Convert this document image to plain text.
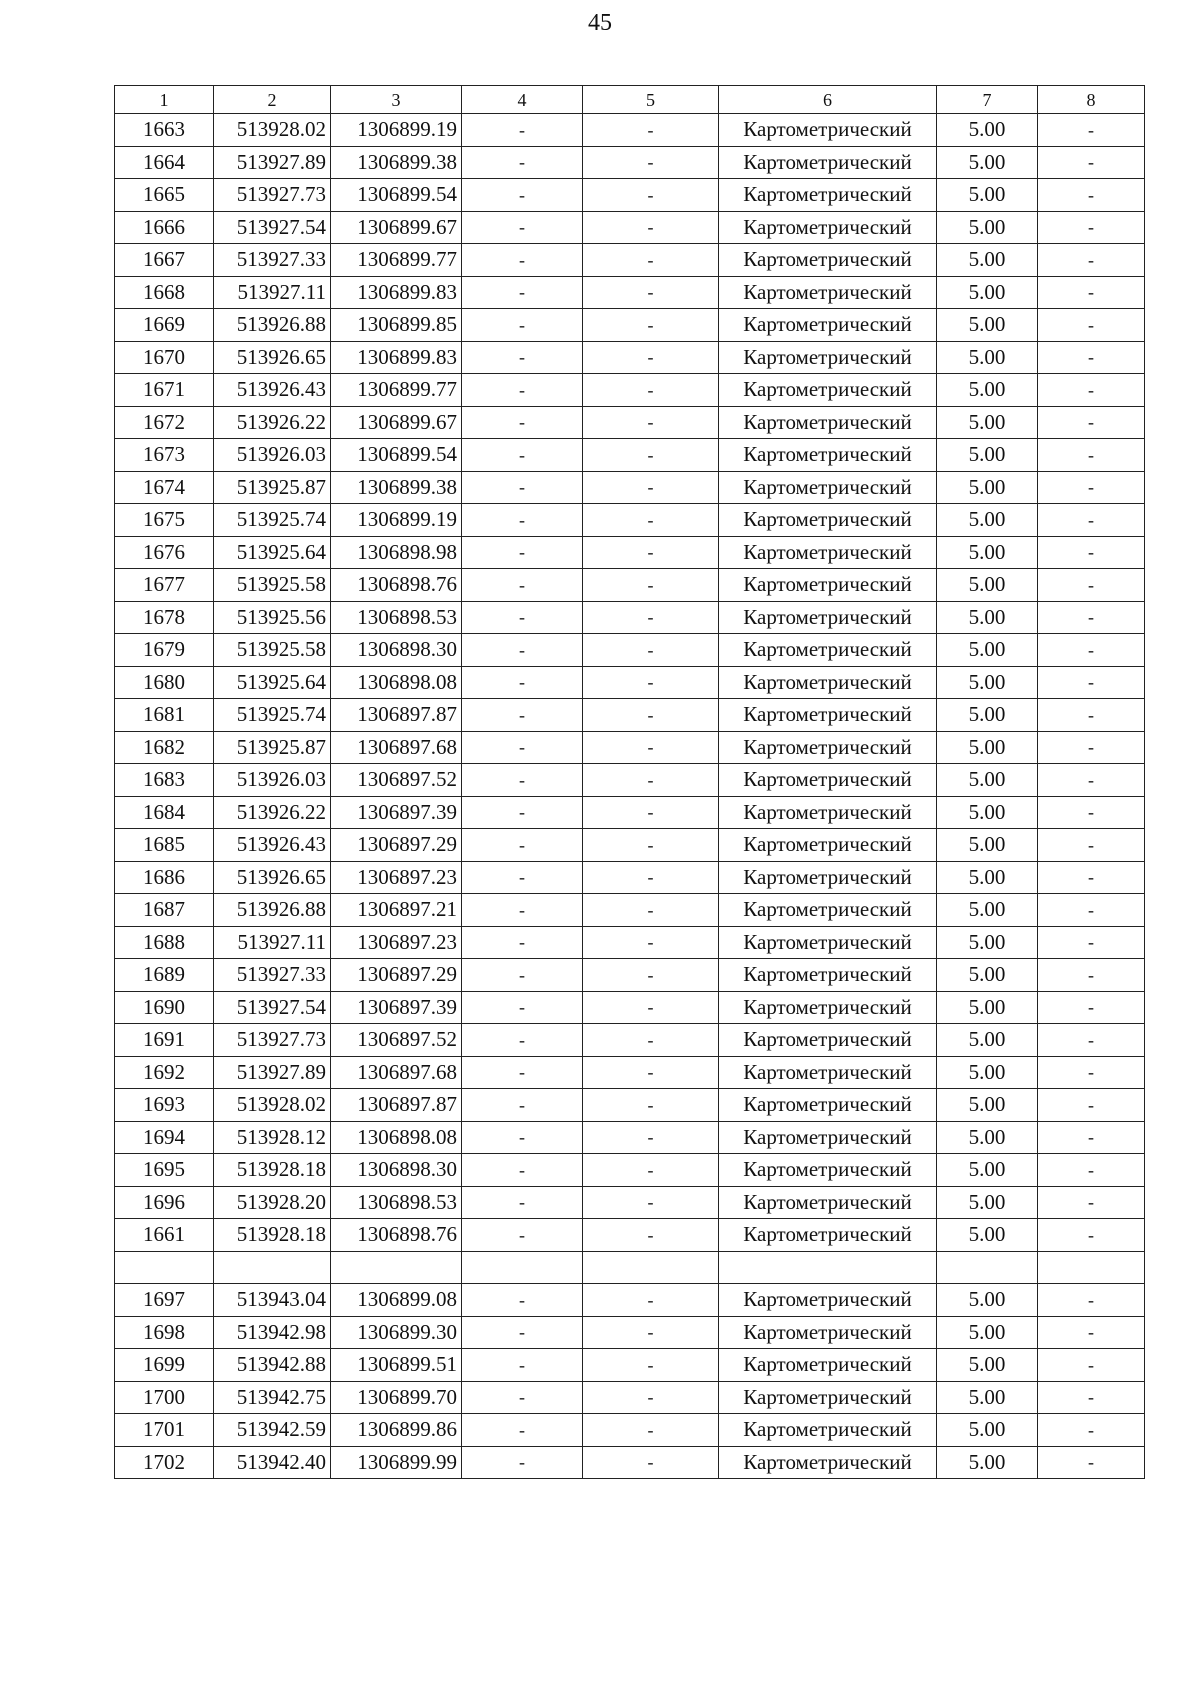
45
1	2	3	4	5	6	7	8
1663	513928.02	1306899.19	-	-	Картометрический	5.00	-
1664	513927.89	1306899.38	-	-	Картометрический	5.00	-
1665	513927.73	1306899.54	-	-	Картометрический	5.00	-
1666	513927.54	1306899.67	-	-	Картометрический	5.00	-
1667	513927.33	1306899.77	-	-	Картометрический	5.00	-
1668	513927.11	1306899.83	-	-	Картометрический	5.00	-
1669	513926.88	1306899.85	-	-	Картометрический	5.00	-
1670	513926.65	1306899.83	-	-	Картометрический	5.00	-
1671	513926.43	1306899.77	-	-	Картометрический	5.00	-
1672	513926.22	1306899.67	-	-	Картометрический	5.00	-
1673	513926.03	1306899.54	-	-	Картометрический	5.00	-
1674	513925.87	1306899.38	-	-	Картометрический	5.00	-
1675	513925.74	1306899.19	-	-	Картометрический	5.00	-
1676	513925.64	1306898.98	-	-	Картометрический	5.00	-
1677	513925.58	1306898.76	-	-	Картометрический	5.00	-
1678	513925.56	1306898.53	-	-	Картометрический	5.00	-
1679	513925.58	1306898.30	-	-	Картометрический	5.00	-
1680	513925.64	1306898.08	-	-	Картометрический	5.00	-
1681	513925.74	1306897.87	-	-	Картометрический	5.00	-
1682	513925.87	1306897.68	-	-	Картометрический	5.00	-
1683	513926.03	1306897.52	-	-	Картометрический	5.00	-
1684	513926.22	1306897.39	-	-	Картометрический	5.00	-
1685	513926.43	1306897.29	-	-	Картометрический	5.00	-
1686	513926.65	1306897.23	-	-	Картометрический	5.00	-
1687	513926.88	1306897.21	-	-	Картометрический	5.00	-
1688	513927.11	1306897.23	-	-	Картометрический	5.00	-
1689	513927.33	1306897.29	-	-	Картометрический	5.00	-
1690	513927.54	1306897.39	-	-	Картометрический	5.00	-
1691	513927.73	1306897.52	-	-	Картометрический	5.00	-
1692	513927.89	1306897.68	-	-	Картометрический	5.00	-
1693	513928.02	1306897.87	-	-	Картометрический	5.00	-
1694	513928.12	1306898.08	-	-	Картометрический	5.00	-
1695	513928.18	1306898.30	-	-	Картометрический	5.00	-
1696	513928.20	1306898.53	-	-	Картометрический	5.00	-
1661	513928.18	1306898.76	-	-	Картометрический	5.00	-

1697	513943.04	1306899.08	-	-	Картометрический	5.00	-
1698	513942.98	1306899.30	-	-	Картометрический	5.00	-
1699	513942.88	1306899.51	-	-	Картометрический	5.00	-
1700	513942.75	1306899.70	-	-	Картометрический	5.00	-
1701	513942.59	1306899.86	-	-	Картометрический	5.00	-
1702	513942.40	1306899.99	-	-	Картометрический	5.00	-
